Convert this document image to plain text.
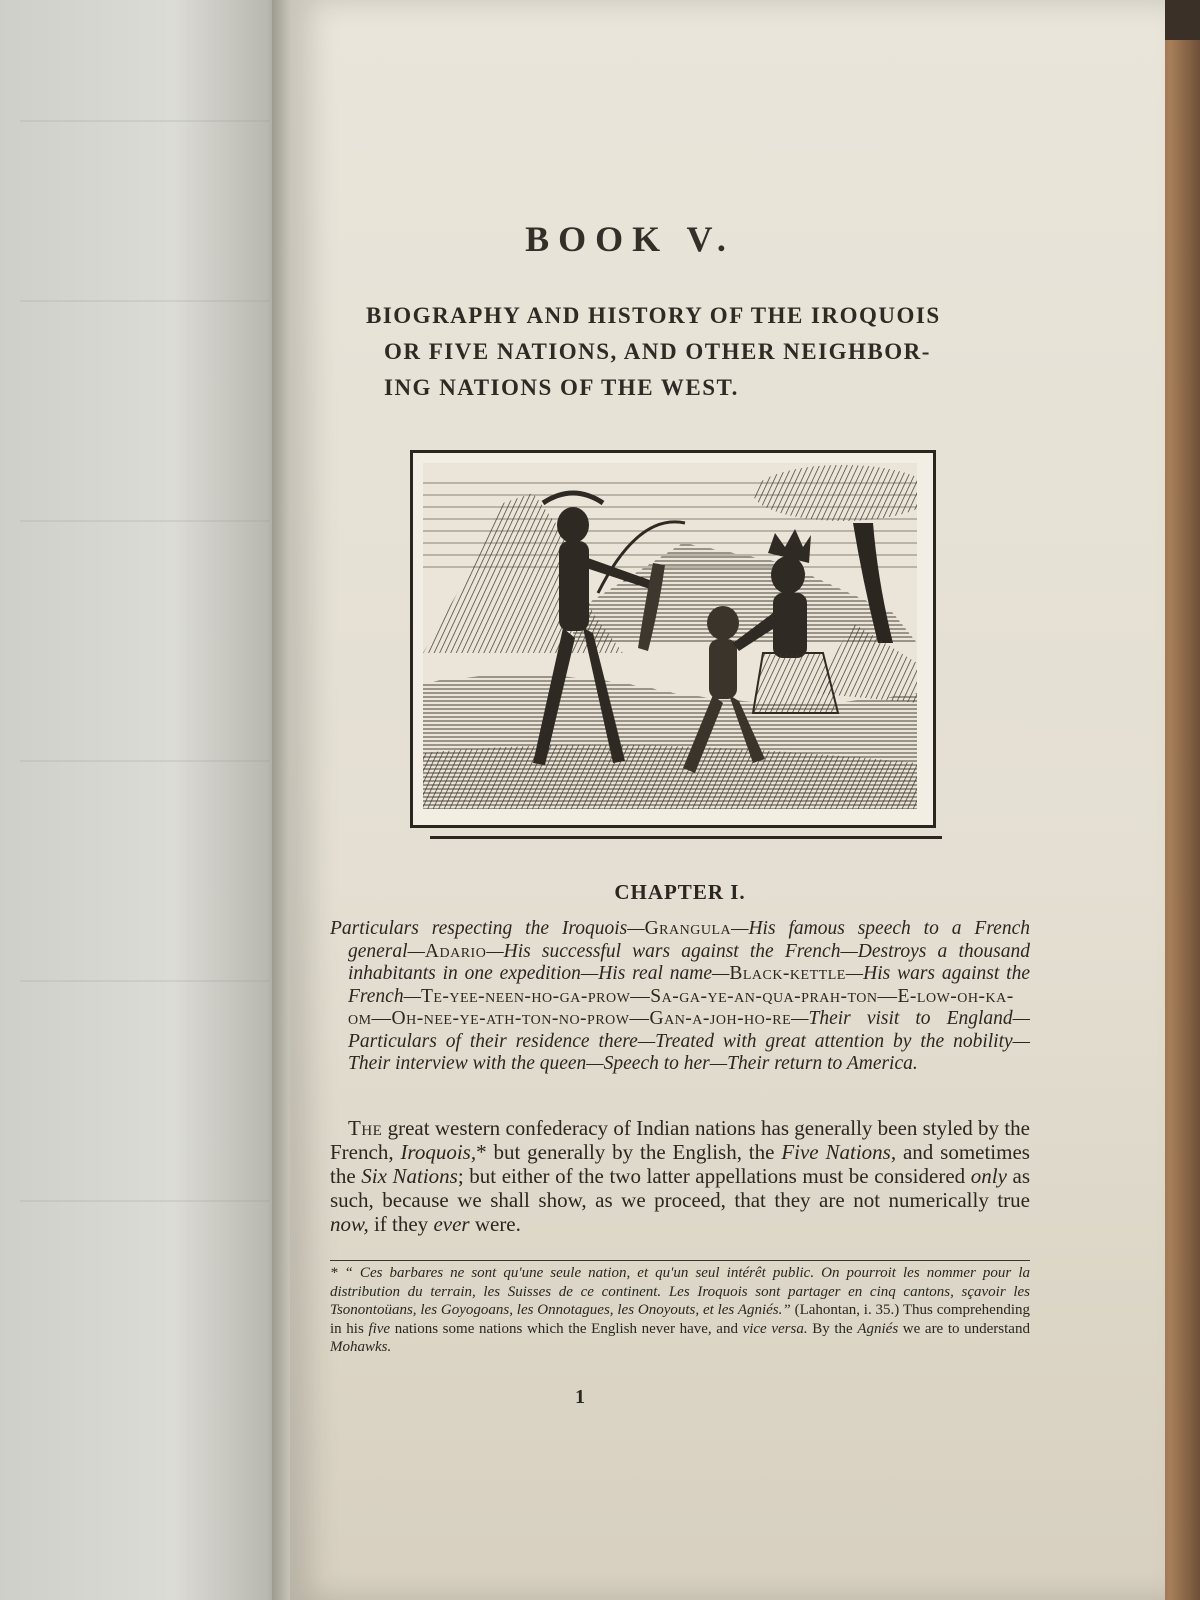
BOOK V.
BIOGRAPHY AND HISTORY OF THE IROQUOIS
OR FIVE NATIONS, AND OTHER NEIGHBOR-
ING NATIONS OF THE WEST.
CHAPTER I.
Particulars respecting the Iroquois—Grangula—His famous speech to a French general—Adario—His successful wars against the French—Destroys a thousand inhabitants in one expedition—His real name—Black-kettle—His wars against the French—Te-yee-neen-ho-ga-prow—Sa-ga-ye-an-qua-prah-ton—E-low-oh-ka-om—Oh-nee-ye-ath-ton-no-prow—Gan-a-joh-ho-re—Their visit to England—Particulars of their residence there—Treated with great attention by the nobility—Their interview with the queen—Speech to her—Their return to America.
The great western confederacy of Indian nations has generally been styled by the French, Iroquois,* but generally by the English, the Five Nations, and sometimes the Six Nations; but either of the two latter appellations must be considered only as such, because we shall show, as we proceed, that they are not numerically true now, if they ever were.
* “ Ces barbares ne sont qu'une seule nation, et qu'un seul intérêt public. On pourroit les nommer pour la distribution du terrain, les Suisses de ce continent. Les Iroquois sont partager en cinq cantons, sçavoir les Tsonontoüans, les Goyogoans, les Onnotagues, les Onoyouts, et les Agniés.” (Lahontan, i. 35.) Thus comprehending in his five nations some nations which the English never have, and vice versa. By the Agniés we are to understand Mohawks.
1
